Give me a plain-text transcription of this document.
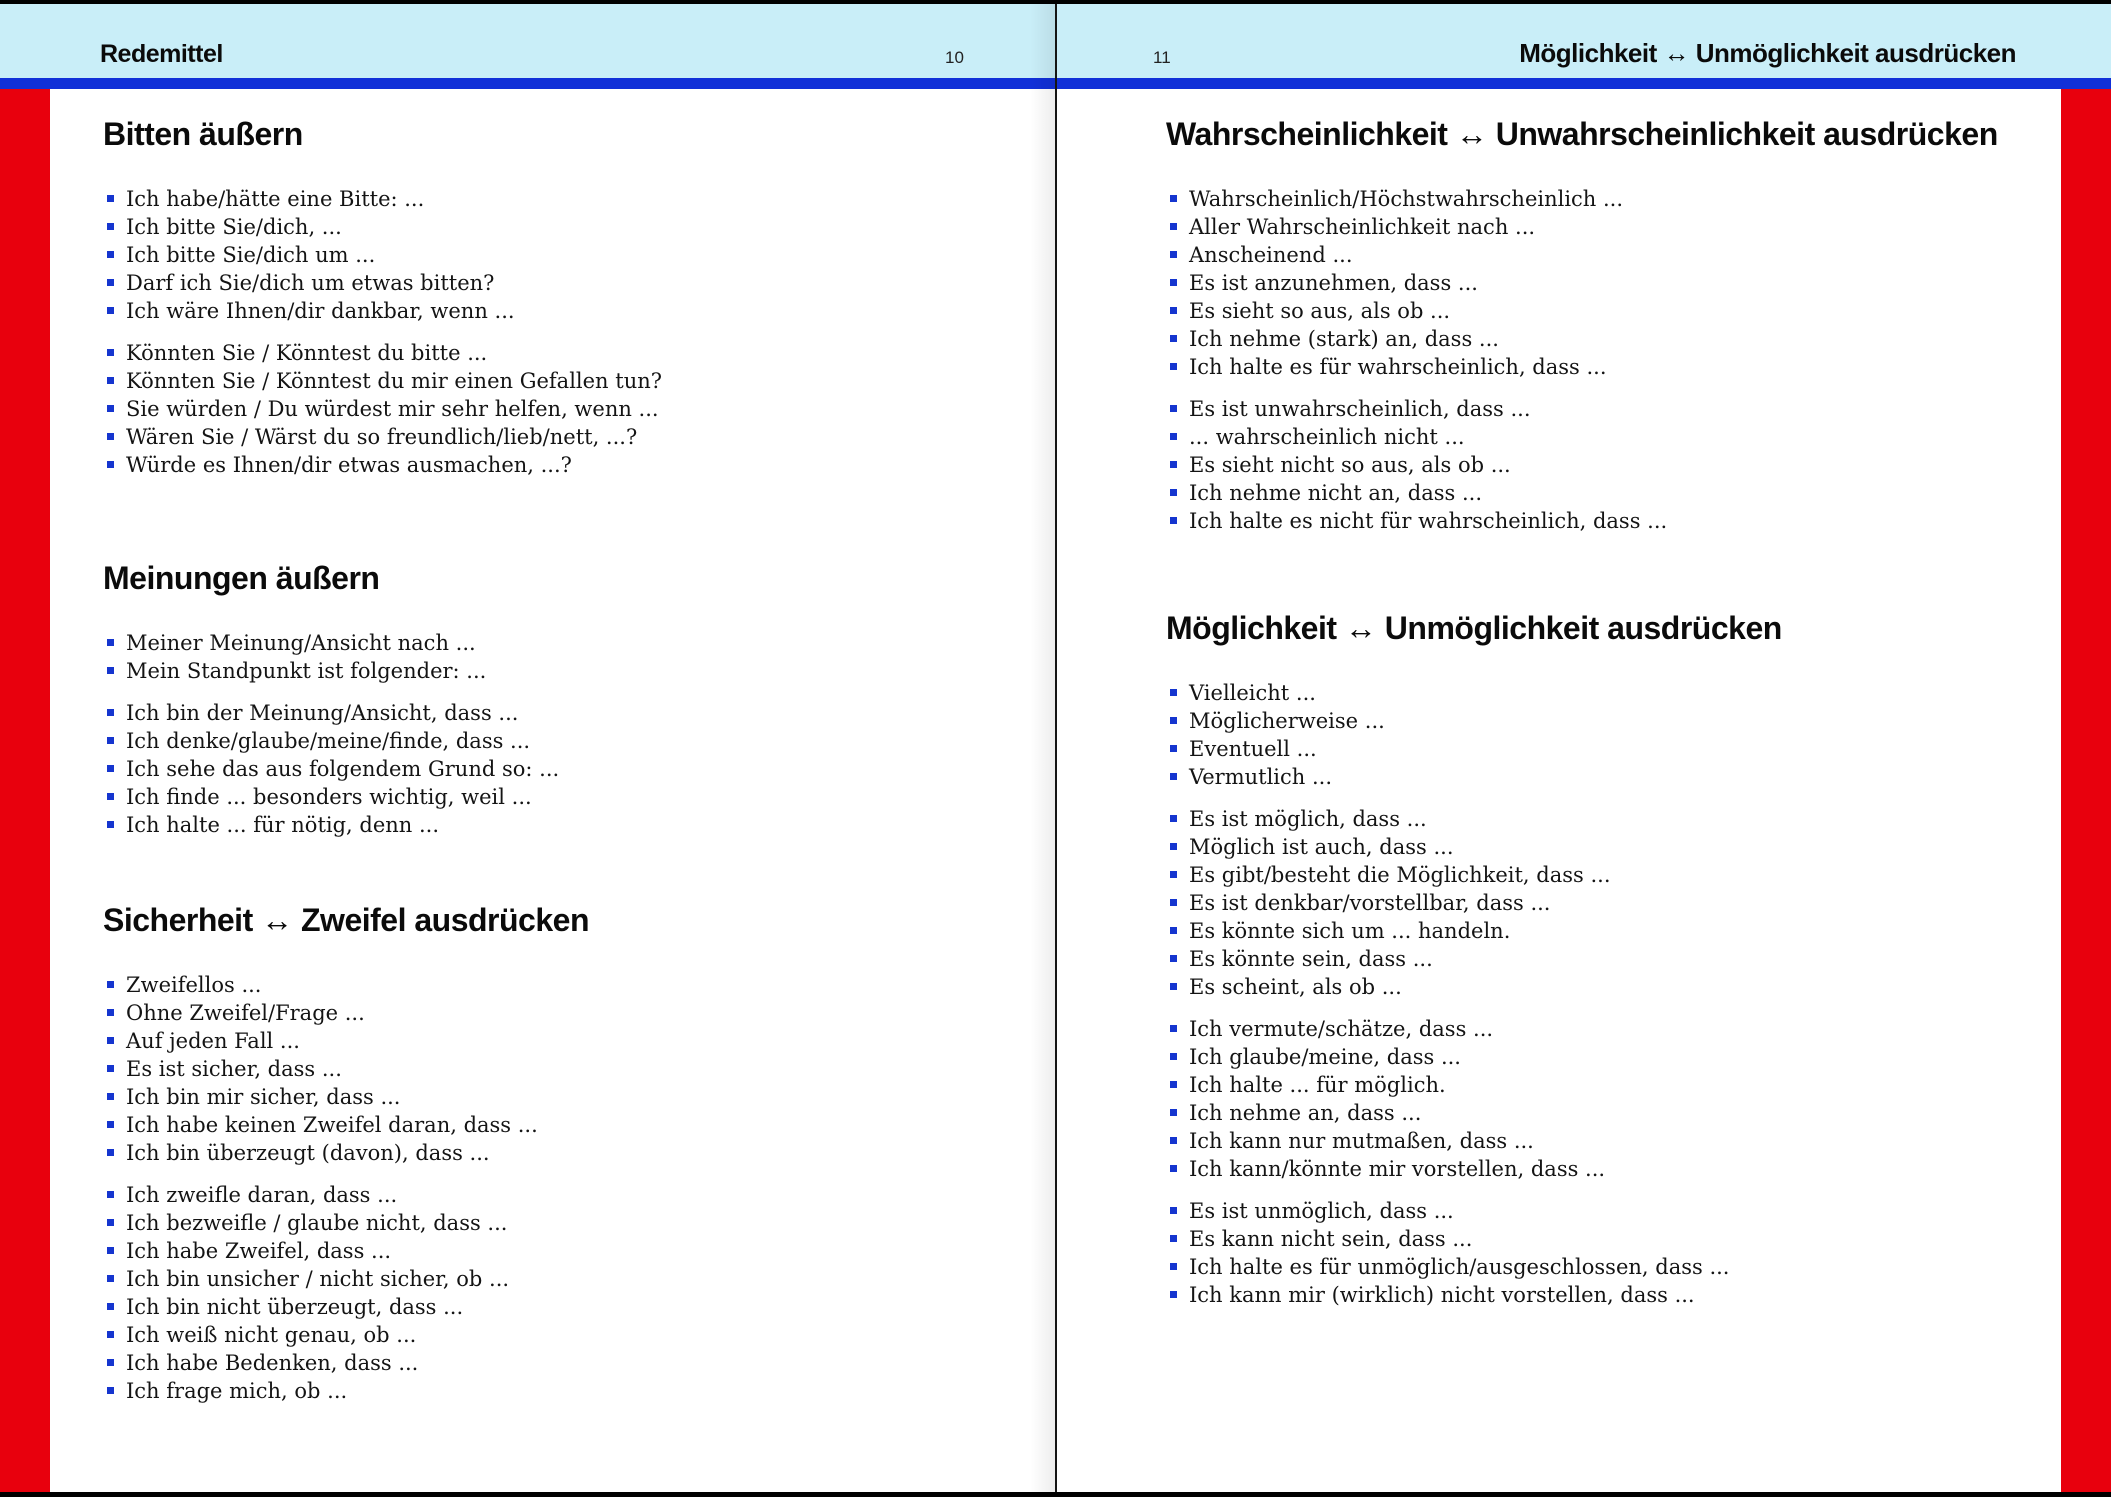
Redemittel	10	11	Möglichkeit ↔ Unmöglichkeit ausdrücken
Bitten äußern
Ich habe/hätte eine Bitte: ...
Ich bitte Sie/dich, ...
Ich bitte Sie/dich um ...
Darf ich Sie/dich um etwas bitten?
Ich wäre Ihnen/dir dankbar, wenn ...
Könnten Sie / Könntest du bitte ...
Könnten Sie / Könntest du mir einen Gefallen tun?
Sie würden / Du würdest mir sehr helfen, wenn ...
Wären Sie / Wärst du so freundlich/lieb/nett, ...?
Würde es Ihnen/dir etwas ausmachen, ...?
Meinungen äußern
Meiner Meinung/Ansicht nach ...
Mein Standpunkt ist folgender: ...
Ich bin der Meinung/Ansicht, dass ...
Ich denke/glaube/meine/finde, dass ...
Ich sehe das aus folgendem Grund so: ...
Ich finde ... besonders wichtig, weil ...
Ich halte ... für nötig, denn ...
Sicherheit ↔ Zweifel ausdrücken
Zweifellos ...
Ohne Zweifel/Frage ...
Auf jeden Fall ...
Es ist sicher, dass ...
Ich bin mir sicher, dass ...
Ich habe keinen Zweifel daran, dass ...
Ich bin überzeugt (davon), dass ...
Ich zweifle daran, dass ...
Ich bezweifle / glaube nicht, dass ...
Ich habe Zweifel, dass ...
Ich bin unsicher / nicht sicher, ob ...
Ich bin nicht überzeugt, dass ...
Ich weiß nicht genau, ob ...
Ich habe Bedenken, dass ...
Ich frage mich, ob ...
Wahrscheinlichkeit ↔ Unwahrscheinlichkeit ausdrücken
Wahrscheinlich/Höchstwahrscheinlich ...
Aller Wahrscheinlichkeit nach ...
Anscheinend ...
Es ist anzunehmen, dass ...
Es sieht so aus, als ob ...
Ich nehme (stark) an, dass ...
Ich halte es für wahrscheinlich, dass ...
Es ist unwahrscheinlich, dass ...
... wahrscheinlich nicht ...
Es sieht nicht so aus, als ob ...
Ich nehme nicht an, dass ...
Ich halte es nicht für wahrscheinlich, dass ...
Möglichkeit ↔ Unmöglichkeit ausdrücken
Vielleicht ...
Möglicherweise ...
Eventuell ...
Vermutlich ...
Es ist möglich, dass ...
Möglich ist auch, dass ...
Es gibt/besteht die Möglichkeit, dass ...
Es ist denkbar/vorstellbar, dass ...
Es könnte sich um ... handeln.
Es könnte sein, dass ...
Es scheint, als ob ...
Ich vermute/schätze, dass ...
Ich glaube/meine, dass ...
Ich halte ... für möglich.
Ich nehme an, dass ...
Ich kann nur mutmaßen, dass ...
Ich kann/könnte mir vorstellen, dass ...
Es ist unmöglich, dass ...
Es kann nicht sein, dass ...
Ich halte es für unmöglich/ausgeschlossen, dass ...
Ich kann mir (wirklich) nicht vorstellen, dass ...
